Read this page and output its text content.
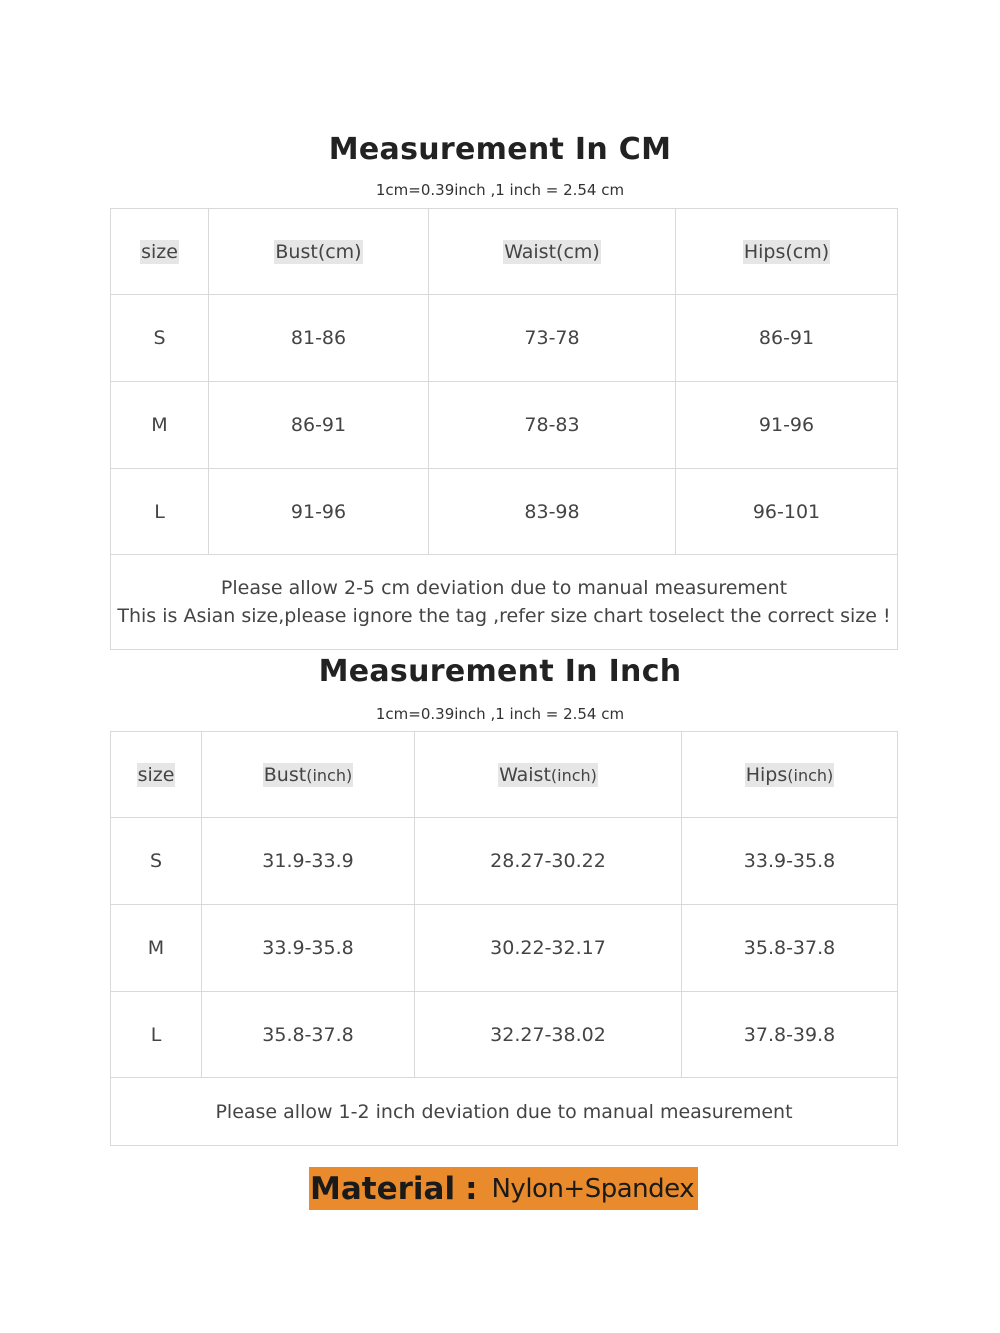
Measurement In CM
1cm=0.39inch ,1 inch = 2.54 cm
size	Bust(cm)	Waist(cm)	Hips(cm)
S	81-86	73-78	86-91
M	86-91	78-83	91-96
L	91-96	83-98	96-101

Please allow 2-5 cm deviation due to manual measurement
This is Asian size,please ignore the tag ,refer size chart toselect the correct size !			
Measurement In Inch
1cm=0.39inch ,1 inch = 2.54 cm
size	Bust(inch)	Waist(inch)	Hips(inch)
S	31.9-33.9	28.27-30.22	33.9-35.8
M	33.9-35.8	30.22-32.17	35.8-37.8
L	35.8-37.8	32.27-38.02	37.8-39.8
Please allow 1-2 inch deviation due to manual measurement			
Material : Nylon+Spandex
